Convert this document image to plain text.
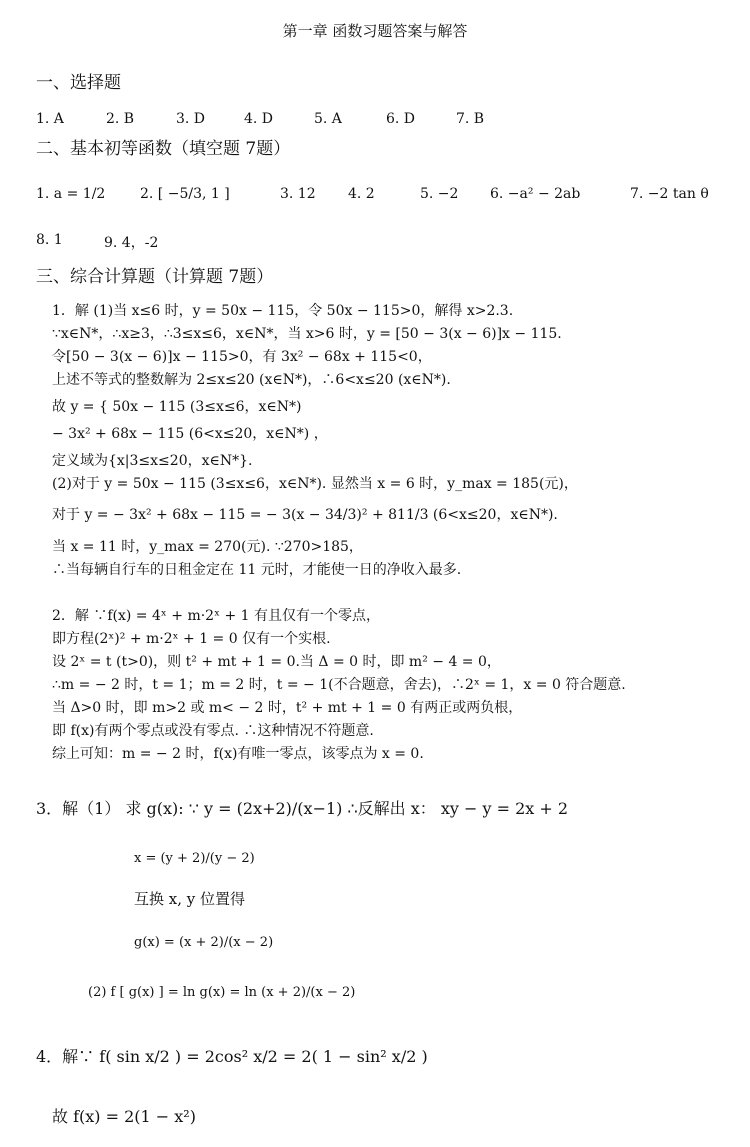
第一章 函数习题答案与解答
一、选择题
1. A	2. B	3. D	4. D	5. A	6. D	7. B
二、基本初等函数（填空题 7题）
1. a = 1/2 2. [ −5/3, 1 ]	3. 12 4. 2	5. −2 6. −a² − 2ab	7. −2 tan θ
8. 1	9. 4，-2
三、综合计算题（计算题 7题）
1．解 (1)当 x≤6 时，y = 50x − 115，令 50x − 115>0，解得 x>2.3.
∵x∈N*，∴x≥3，∴3≤x≤6，x∈N*，当 x>6 时，y = [50 − 3(x − 6)]x − 115.
令[50 − 3(x − 6)]x − 115>0，有 3x² − 68x + 115<0，
上述不等式的整数解为 2≤x≤20 (x∈N*)，∴6<x≤20 (x∈N*).
故 y = { 50x − 115 (3≤x≤6，x∈N*)
− 3x² + 68x − 115 (6<x≤20，x∈N*) ，
定义域为{x|3≤x≤20，x∈N*}.
(2)对于 y = 50x − 115 (3≤x≤6，x∈N*). 显然当 x = 6 时，y_max = 185(元)，
对于 y = − 3x² + 68x − 115 = − 3(x − 34/3)² + 811/3 (6<x≤20，x∈N*).
当 x = 11 时，y_max = 270(元). ∵270>185，
∴当每辆自行车的日租金定在 11 元时，才能使一日的净收入最多.
2．解 ∵f(x) = 4ˣ + m·2ˣ + 1 有且仅有一个零点，
即方程(2ˣ)² + m·2ˣ + 1 = 0 仅有一个实根.
设 2ˣ = t (t>0)，则 t² + mt + 1 = 0.当 Δ = 0 时，即 m² − 4 = 0，
∴m = − 2 时，t = 1；m = 2 时，t = − 1(不合题意，舍去)，∴2ˣ = 1，x = 0 符合题意.
当 Δ>0 时，即 m>2 或 m< − 2 时，t² + mt + 1 = 0 有两正或两负根，
即 f(x)有两个零点或没有零点. ∴这种情况不符题意.
综上可知：m = − 2 时，f(x)有唯一零点，该零点为 x = 0.
3．解（1） 求 g(x): ∵ y = (2x+2)/(x−1) ∴反解出 x： xy − y = 2x + 2
x = (y + 2)/(y − 2)
互换 x, y 位置得
g(x) = (x + 2)/(x − 2)
(2) f [ g(x) ] = ln g(x) = ln (x + 2)/(x − 2)
4．解∵ f( sin x/2 ) = 2cos² x/2 = 2( 1 − sin² x/2 )
故 f(x) = 2(1 − x²)
